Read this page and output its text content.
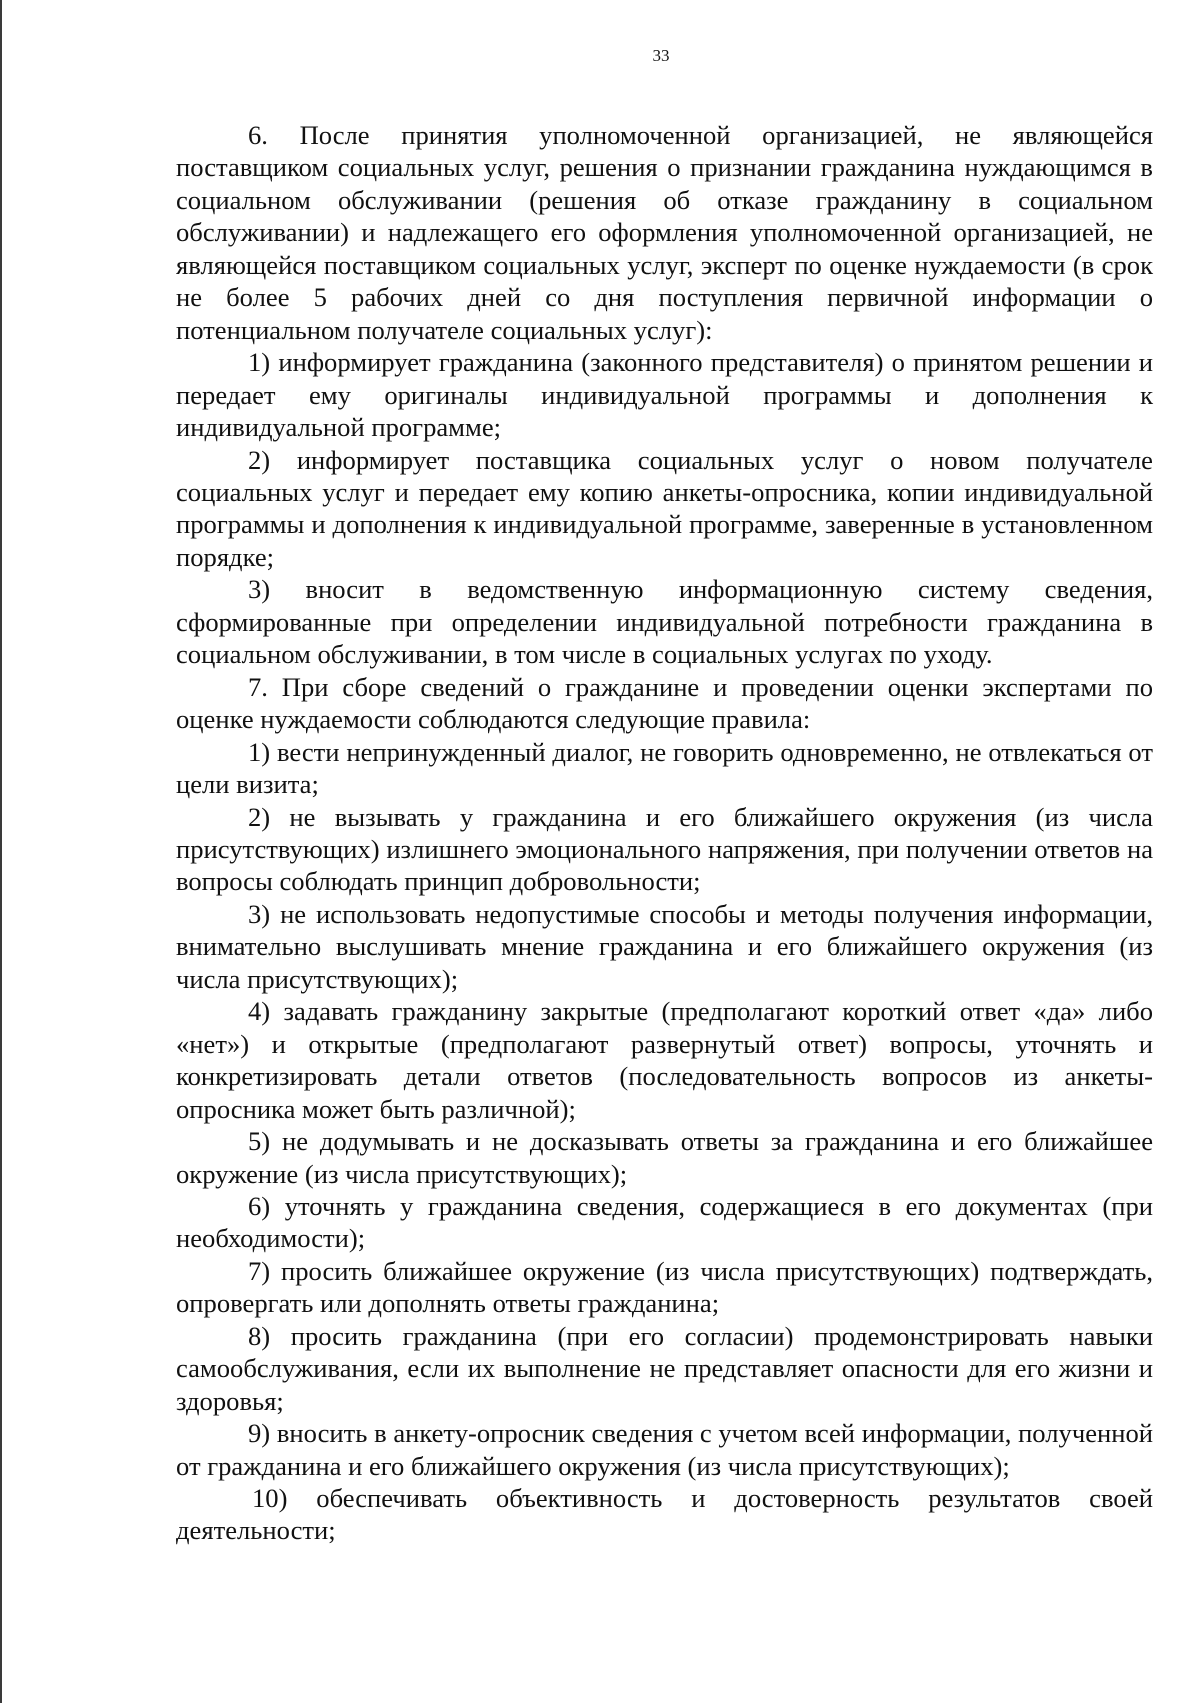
33

6. После принятия уполномоченной организацией, не являющейся поставщиком социальных услуг, решения о признании гражданина нуждающимся в социальном обслуживании (решения об отказе гражданину в социальном обслуживании) и надлежащего его оформления уполномоченной организацией, не являющейся поставщиком социальных услуг, эксперт по оценке нуждаемости (в срок не более 5 рабочих дней со дня поступления первичной информации о потенциальном получателе социальных услуг):

1) информирует гражданина (законного представителя) о принятом решении и передает ему оригиналы индивидуальной программы и дополнения к индивидуальной программе;

2) информирует поставщика социальных услуг о новом получателе социальных услуг и передает ему копию анкеты-опросника, копии индивидуальной программы и дополнения к индивидуальной программе, заверенные в установленном порядке;

3) вносит в ведомственную информационную систему сведения, сформированные при определении индивидуальной потребности гражданина в социальном обслуживании, в том числе в социальных услугах по уходу.

7. При сборе сведений о гражданине и проведении оценки экспертами по оценке нуждаемости соблюдаются следующие правила:

1) вести непринужденный диалог, не говорить одновременно, не отвлекаться от цели визита;

2) не вызывать у гражданина и его ближайшего окружения (из числа присутствующих) излишнего эмоционального напряжения, при получении ответов на вопросы соблюдать принцип добровольности;

3) не использовать недопустимые способы и методы получения информации, внимательно выслушивать мнение гражданина и его ближайшего окружения (из числа присутствующих);

4) задавать гражданину закрытые (предполагают короткий ответ «да» либо «нет») и открытые (предполагают развернутый ответ) вопросы, уточнять и конкретизировать детали ответов (последовательность вопросов из анкеты-опросника может быть различной);

5) не додумывать и не досказывать ответы за гражданина и его ближайшее окружение (из числа присутствующих);

6) уточнять у гражданина сведения, содержащиеся в его документах (при необходимости);

7) просить ближайшее окружение (из числа присутствующих) подтверждать, опровергать или дополнять ответы гражданина;

8) просить гражданина (при его согласии) продемонстрировать навыки самообслуживания, если их выполнение не представляет опасности для его жизни и здоровья;

9) вносить в анкету-опросник сведения с учетом всей информации, полученной от гражданина и его ближайшего окружения (из числа присутствующих);

10) обеспечивать объективность и достоверность результатов своей деятельности;
